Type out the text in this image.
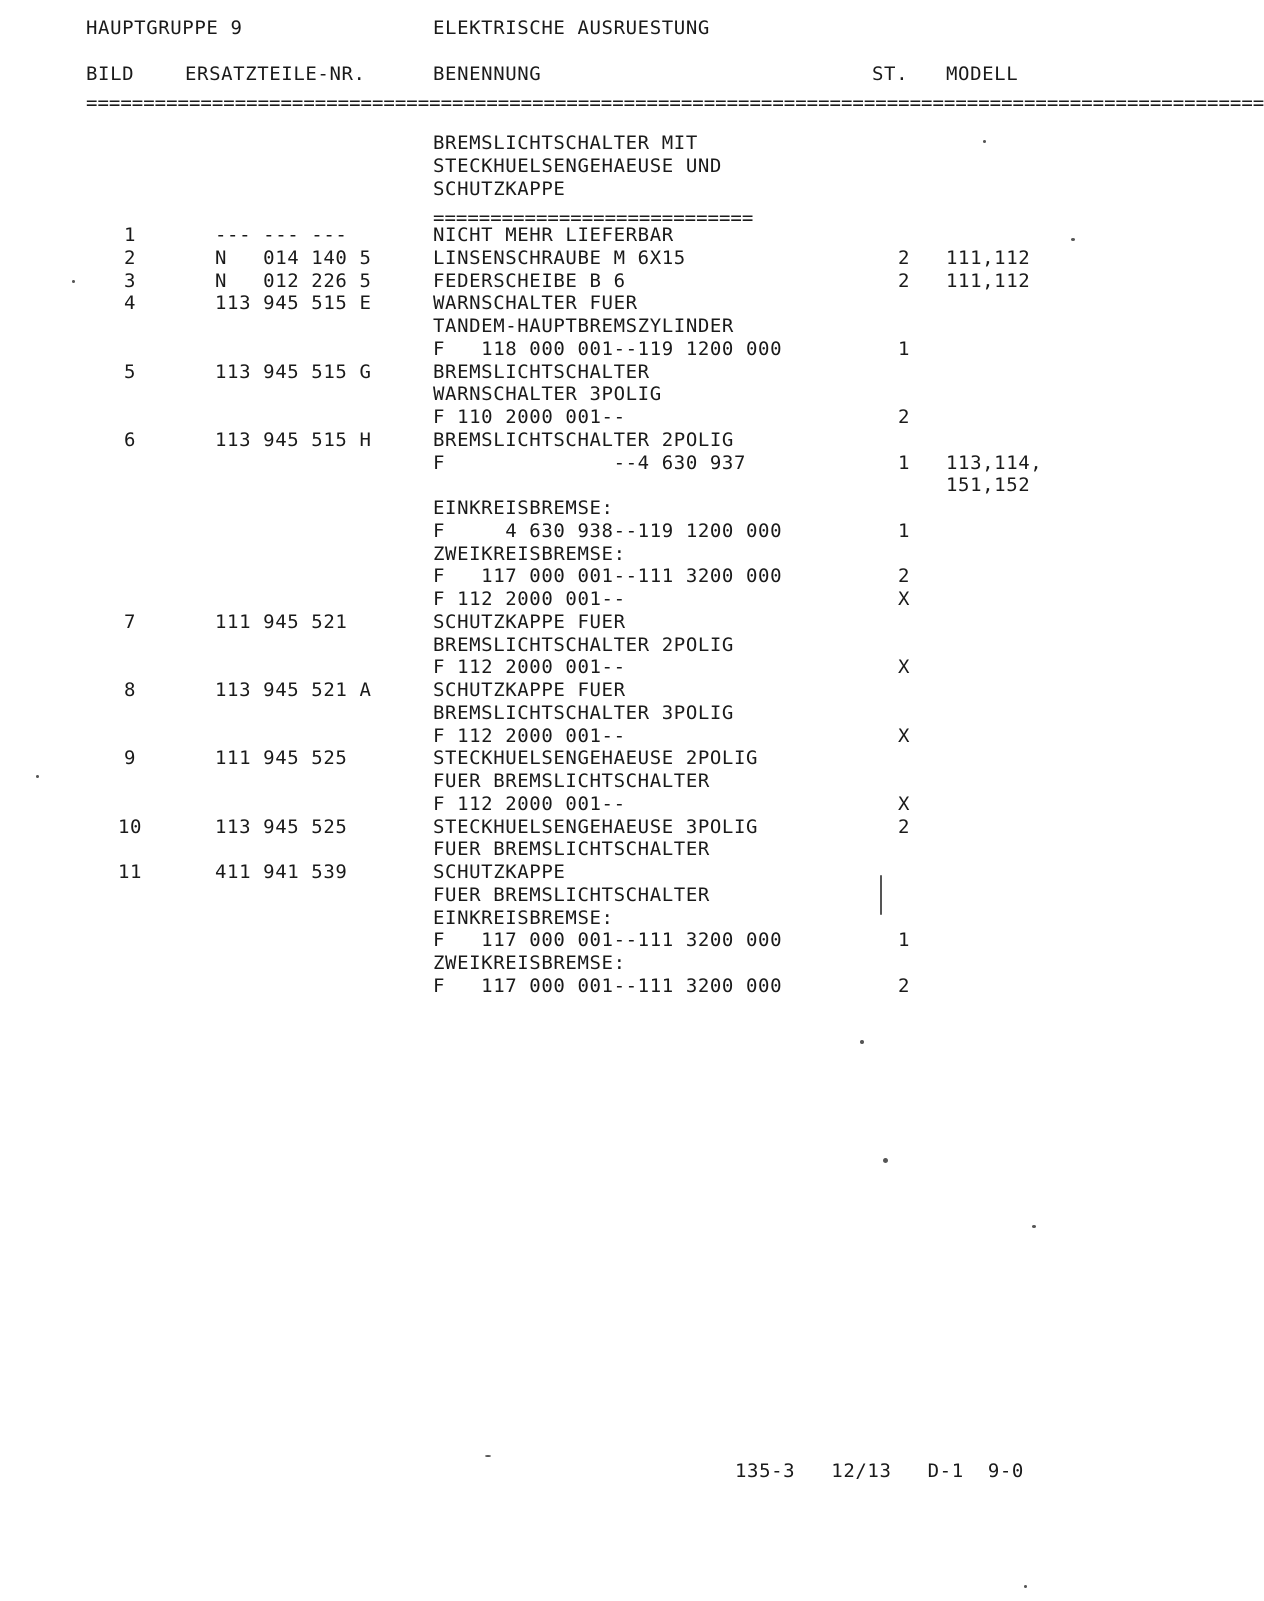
HAUPTGRUPPE 9	ELEKTRISCHE AUSRUESTUNG
BILD	ERSATZTEILE-NR.	BENENNUNG	ST. MODELL
=======================================================================================================
BREMSLICHTSCHALTER MIT
STECKHUELSENGEHAEUSE UND
SCHUTZKAPPE
============================
1	--- --- ---	NICHT MEHR LIEFERBAR
2	N   014 140 5	LINSENSCHRAUBE M 6X15	2 111,112
3	N   012 226 5	FEDERSCHEIBE B 6	2 111,112
4	113 945 515 E	WARNSCHALTER FUER
TANDEM-HAUPTBREMSZYLINDER
F   118 000 001--119 1200 000	1
5	113 945 515 G	BREMSLICHTSCHALTER
WARNSCHALTER 3POLIG
F 110 2000 001--	2
6	113 945 515 H	BREMSLICHTSCHALTER 2POLIG
F              --4 630 937	1 113,114,
151,152
EINKREISBREMSE:
F     4 630 938--119 1200 000	1
ZWEIKREISBREMSE:
F   117 000 001--111 3200 000	2
F 112 2000 001--	X
7	111 945 521	SCHUTZKAPPE FUER
BREMSLICHTSCHALTER 2POLIG
F 112 2000 001--	X
8	113 945 521 A	SCHUTZKAPPE FUER
BREMSLICHTSCHALTER 3POLIG
F 112 2000 001--	X
9	111 945 525	STECKHUELSENGEHAEUSE 2POLIG
FUER BREMSLICHTSCHALTER
F 112 2000 001--	X
10	113 945 525	STECKHUELSENGEHAEUSE 3POLIG	2
FUER BREMSLICHTSCHALTER
11	411 941 539	SCHUTZKAPPE
FUER BREMSLICHTSCHALTER
EINKREISBREMSE:
F   117 000 001--111 3200 000	1
ZWEIKREISBREMSE:
F   117 000 001--111 3200 000	2
135-3   12/13   D-1  9-0
